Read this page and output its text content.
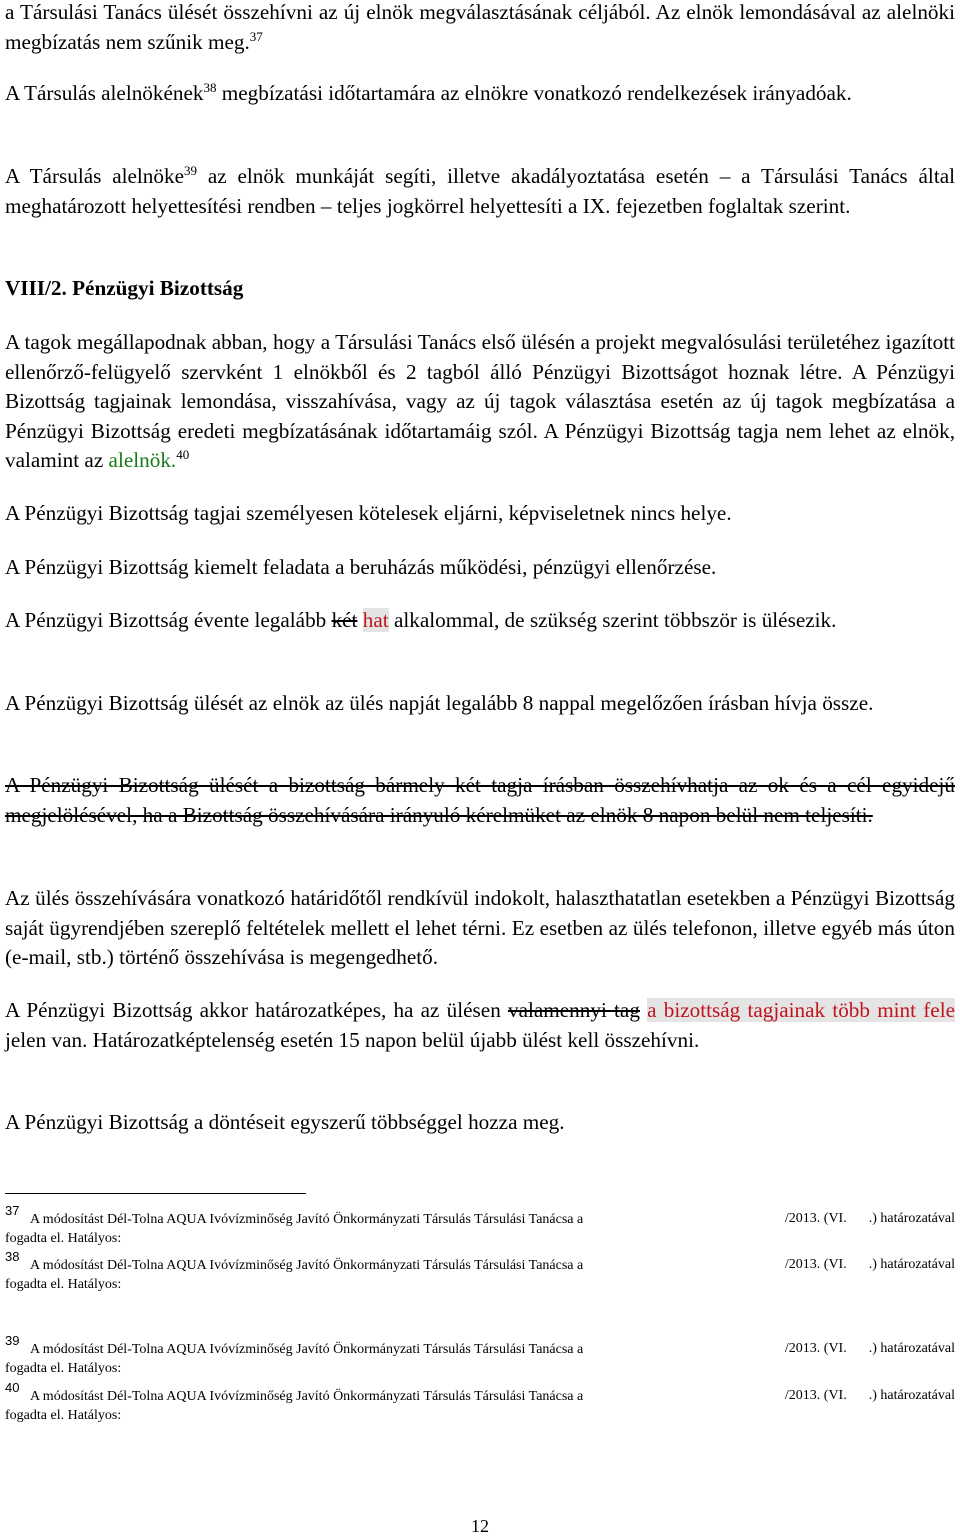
a Társulási Tanács ülését összehívni az új elnök megválasztásának céljából. Az elnök lemondásával az alelnöki megbízatás nem szűnik meg.$^{37}$

A Társulás alelnökének$^{38}$ megbízatási időtartamára az elnökre vonatkozó rendelkezések irányadóak.

A Társulás alelnöke$^{39}$ az elnök munkáját segíti, illetve akadályoztatása esetén – a Társulási Tanács által meghatározott helyettesítési rendben – teljes jogkörrel helyettesíti a IX. fejezetben foglaltak szerint.

VIII/2. Pénzügyi Bizottság

A tagok megállapodnak abban, hogy a Társulási Tanács első ülésén a projekt megvalósulási területéhez igazított ellenőrző-felügyelő szervként 1 elnökből és 2 tagból álló Pénzügyi Bizottságot hoznak létre. A Pénzügyi Bizottság tagjainak lemondása, visszahívása, vagy az új tagok választása esetén az új tagok megbízatása a Pénzügyi Bizottság eredeti megbízatásának időtartamáig szól. A Pénzügyi Bizottság tagja nem lehet az elnök, valamint az alelnök.$^{40}$

A Pénzügyi Bizottság tagjai személyesen kötelesek eljárni, képviseletnek nincs helye.

A Pénzügyi Bizottság kiemelt feladata a beruházás működési, pénzügyi ellenőrzése.

A Pénzügyi Bizottság évente legalább két hat alkalommal, de szükség szerint többször is ülésezik.

A Pénzügyi Bizottság ülését az elnök az ülés napját legalább 8 nappal megelőzően írásban hívja össze.

A Pénzügyi Bizottság ülését a bizottság bármely két tagja írásban összehívhatja az ok és a cél egyidejű megjelölésével, ha a Bizottság összehívására irányuló kérelmüket az elnök 8 napon belül nem teljesíti.

Az ülés összehívására vonatkozó határidőtől rendkívül indokolt, halaszthatatlan esetekben a Pénzügyi Bizottság saját ügyrendjében szereplő feltételek mellett el lehet térni. Ez esetben az ülés telefonon, illetve egyéb más úton (e-mail, stb.) történő összehívása is megengedhető.

A Pénzügyi Bizottság akkor határozatképes, ha az ülésen valamennyi tag a bizottság tagjainak több mint fele jelen van. Határozatképtelenség esetén 15 napon belül újabb ülést kell összehívni.

A Pénzügyi Bizottság a döntéseit egyszerű többséggel hozza meg.

37   A módosítást Dél-Tolna AQUA Ivóvízminőség Javító Önkormányzati Társulás Társulási Tanácsa a	/2013. (VI. .) határozatával
fogadta el. Hatályos:
38   A módosítást Dél-Tolna AQUA Ivóvízminőség Javító Önkormányzati Társulás Társulási Tanácsa a	/2013. (VI. .) határozatával
fogadta el. Hatályos:
39   A módosítást Dél-Tolna AQUA Ivóvízminőség Javító Önkormányzati Társulás Társulási Tanácsa a	/2013. (VI. .) határozatával
fogadta el. Hatályos:
40   A módosítást Dél-Tolna AQUA Ivóvízminőség Javító Önkormányzati Társulás Társulási Tanácsa a	/2013. (VI. .) határozatával
fogadta el. Hatályos:
12
